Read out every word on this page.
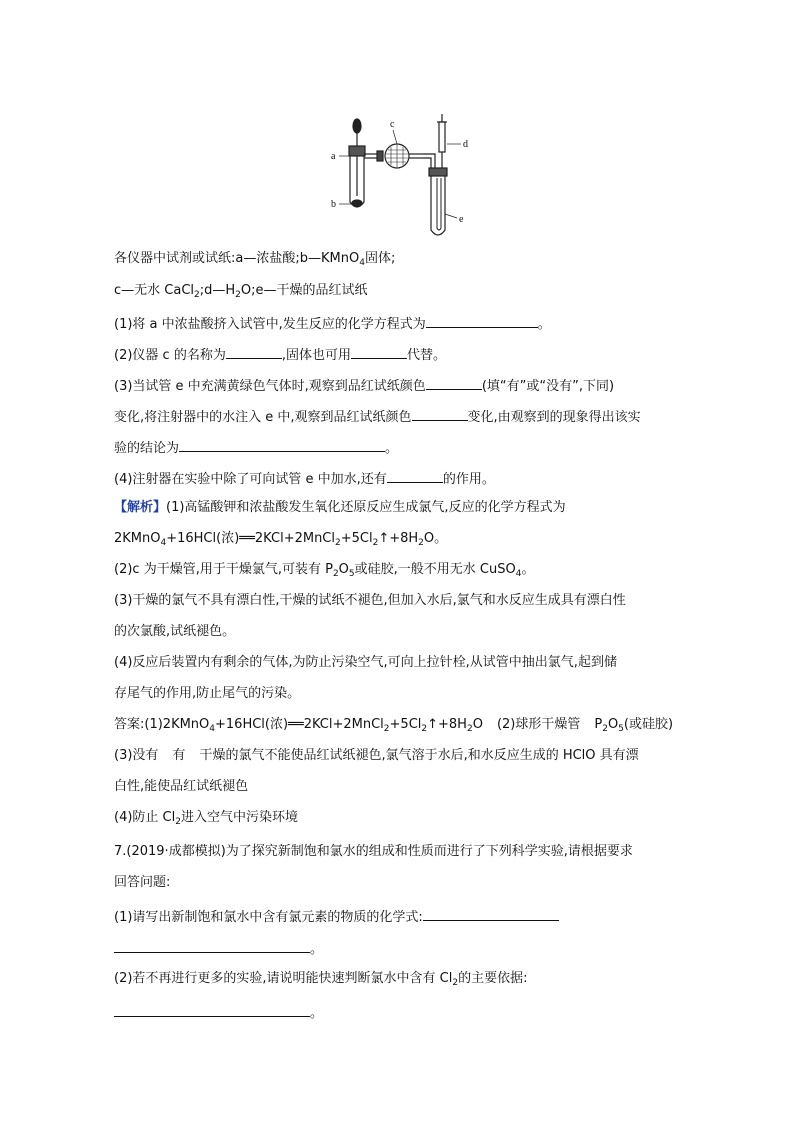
a
b
c
d
e
各仪器中试剂或试纸:a—浓盐酸;b—KMnO$_4$固体;
c—无水 $CaCl_2;d—H_2O;e—$干燥的品红试纸
(1)将 a 中浓盐酸挤入试管中,发生反应的化学方程式为	。
(2)仪器 c 的名称为	,固体也可用	代替。
(3)当试管 e 中充满黄绿色气体时,观察到品红试纸颜色	(填“有”或“没有”,下同)
变化,将注射器中的水注入 e 中,观察到品红试纸颜色	变化,由观察到的现象得出该实
验的结论为	。
(4)注射器在实验中除了可向试管 e 中加水,还有	的作用。
【解析】(1)高锰酸钾和浓盐酸发生氧化还原反应生成氯气,反应的化学方程式为
2KMnO$_4$+16HCl(浓)$══2KCl+2MnCl_2+5Cl_2↑+8H_2O$。
(2)c 为干燥管,用于干燥氯气,可装有 $P_2O_5$或硅胶,一般不用无水 CuSO$_4$。
(3)干燥的氯气不具有漂白性,干燥的试纸不褪色,但加入水后,氯气和水反应生成具有漂白性
的次氯酸,试纸褪色。
(4)反应后装置内有剩余的气体,为防止污染空气,可向上拉针栓,从试管中抽出氯气,起到储
存尾气的作用,防止尾气的污染。
答案:(1)2KMnO$_4$+16HCl(浓)$══2KCl+2MnCl_2+5Cl_2↑+8H_2O$ (2)球形干燥管 $P_2O_5$(或硅胶)
(3)没有 有 干燥的氯气不能使品红试纸褪色,氯气溶于水后,和水反应生成的 HClO 具有漂
白性,能使品红试纸褪色
(4)防止 $Cl_2$进入空气中污染环境
7.(2019·成都模拟)为了探究新制饱和氯水的组成和性质而进行了下列科学实验,请根据要求
回答问题:
(1)请写出新制饱和氯水中含有氯元素的物质的化学式:
。
(2)若不再进行更多的实验,请说明能快速判断氯水中含有 $Cl_2$的主要依据:
。
